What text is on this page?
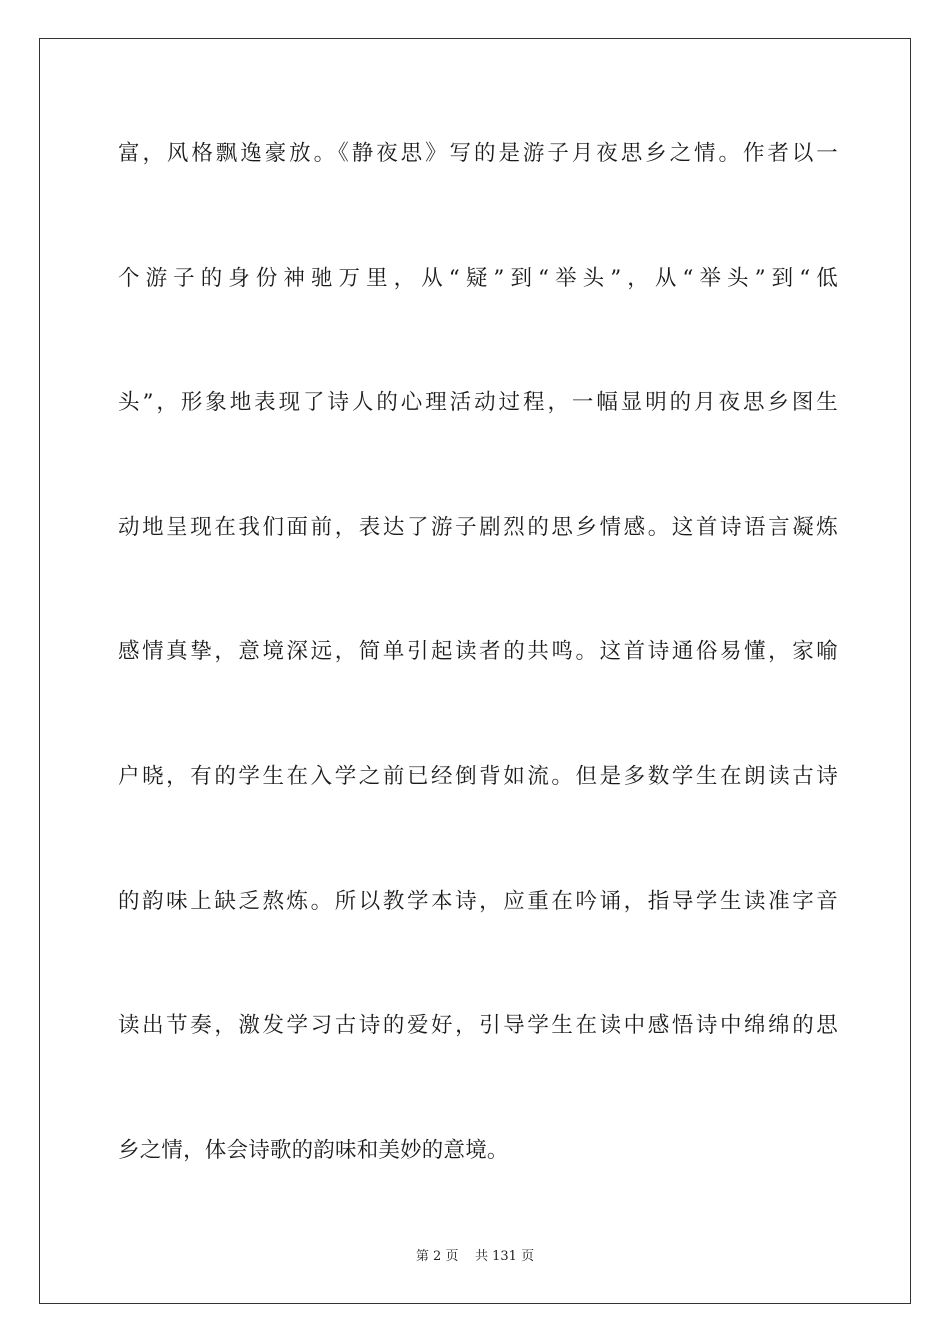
富，风格飘逸豪放。《静夜思》写的是游子月夜思乡之情。作者以一
个游子的身份神驰万里，从“疑”到“举头”，从“举头”到“低
头”，形象地表现了诗人的心理活动过程，一幅显明的月夜思乡图生
动地呈现在我们面前，表达了游子剧烈的思乡情感。这首诗语言凝炼
感情真挚，意境深远，简单引起读者的共鸣。这首诗通俗易懂，家喻
户晓，有的学生在入学之前已经倒背如流。但是多数学生在朗读古诗
的韵味上缺乏熬炼。所以教学本诗，应重在吟诵，指导学生读准字音
读出节奏，激发学习古诗的爱好，引导学生在读中感悟诗中绵绵的思
乡之情，体会诗歌的韵味和美妙的意境。
第 2 页    共 131 页
